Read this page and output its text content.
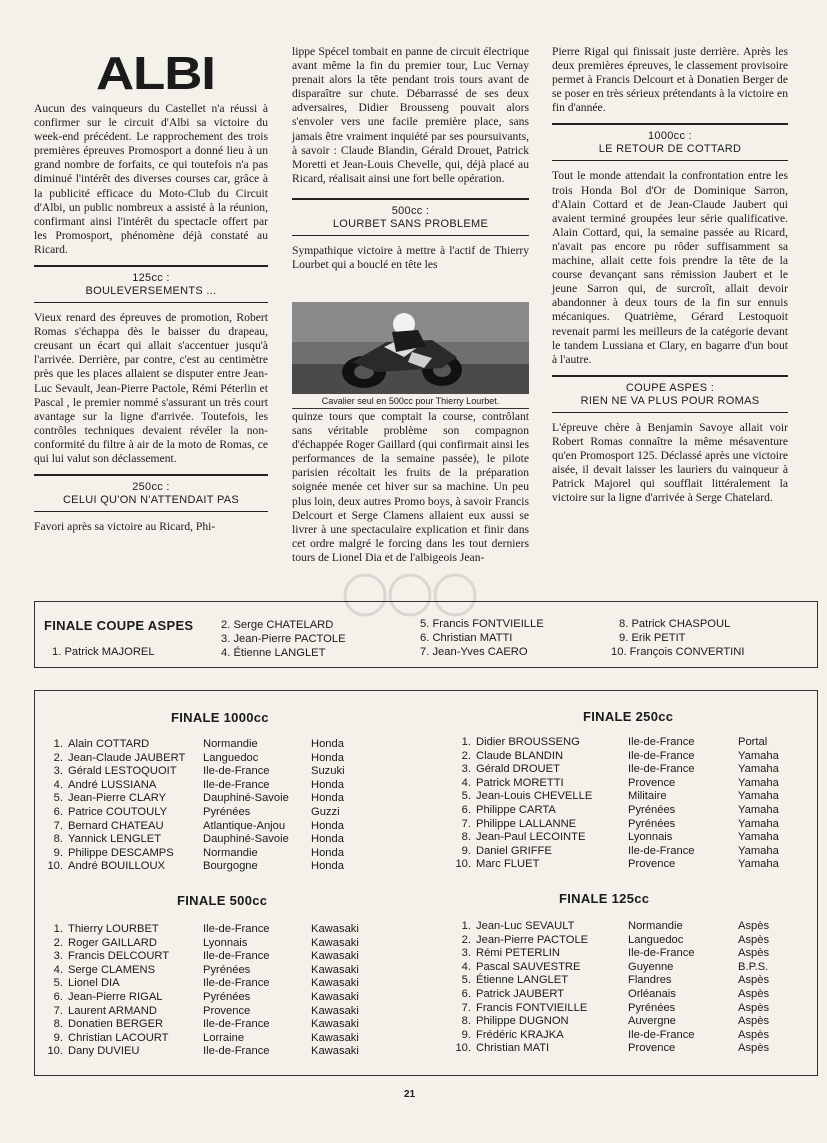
ALBI

Aucun des vainqueurs du Castellet n'a réussi à confirmer sur le circuit d'Albi sa victoire du week-end précédent. Le rapprochement des trois premières épreuves Promosport a donné lieu à un grand nombre de forfaits, ce qui toutefois n'a pas diminué l'intérêt des diverses courses car, grâce à la publicité efficace du Moto-Club du Circuit d'Albi, un public nombreux a assisté à la réunion, confirmant ainsi l'intérêt du spectacle offert par les Promosport, phénomène déjà constaté au Ricard.

125cc :
BOULEVERSEMENTS ...

Vieux renard des épreuves de promotion, Robert Romas s'échappa dès le baisser du drapeau, creusant un écart qui allait s'accentuer jusqu'à l'arrivée. Derrière, par contre, c'est au centimètre près que les places allaient se disputer entre Jean-Luc Sevault, Jean-Pierre Pactole, Rémi Péterlin et Pascal , le premier nommé s'assurant un très court avantage sur la ligne d'arrivée. Toutefois, les contrôles techniques devaient révéler la non-conformité du filtre à air de la moto de Romas, ce qui lui valut son déclassement.

250cc :
CELUI QU'ON N'ATTENDAIT PAS

Favori après sa victoire au Ricard, Phi-

lippe Spécel tombait en panne de circuit électrique avant même la fin du premier tour, Luc Vernay prenait alors la tête pendant trois tours avant de disparaître sur chute. Débarrassé de ses deux adversaires, Didier Brousseng pouvait alors s'envoler vers une facile première place, sans jamais être vraiment inquiété par ses poursuivants, à savoir : Claude Blandin, Gérald Drouet, Patrick Moretti et Jean-Louis Chevelle, qui, déjà placé au Ricard, réalisait ainsi une fort belle opération.

500cc :
LOURBET SANS PROBLEME

Sympathique victoire à mettre à l'actif de Thierry Lourbet qui a bouclé en tête les

Cavalier seul en 500cc pour Thierry Lourbet.

quinze tours que comptait la course, contrôlant sans véritable problème son compagnon d'échappée Roger Gaillard (qui confirmait ainsi les performances de la semaine passée), le pilote parisien récoltait les fruits de la préparation soignée menée cet hiver sur sa machine. Un peu plus loin, deux autres Promo boys, à savoir Francis Delcourt et Serge Clamens allaient eux aussi se livrer à une spectaculaire explication et finir dans cet ordre malgré le forcing dans les tout derniers tours de Lionel Dia et de l'albigeois Jean-

Pierre Rigal qui finissait juste derrière. Après les deux premières épreuves, le classement provisoire permet à Francis Delcourt et à Donatien Berger de se poser en très sérieux prétendants à la victoire en fin d'année.

1000cc :
LE RETOUR DE COTTARD

Tout le monde attendait la confrontation entre les trois Honda Bol d'Or de Dominique Sarron, d'Alain Cottard et de Jean-Claude Jaubert qui avaient terminé groupées leur série qualificative. Alain Cottard, qui, la semaine passée au Ricard, n'avait pas encore pu rôder suffisamment sa machine, allait cette fois prendre la tête de la course devançant sans rémission Jaubert et le jeune Sarron qui, de surcroît, allait devoir abandonner à deux tours de la fin sur ennuis mécaniques. Quatrième, Gérard Lestoquoit revenait parmi les meilleurs de la catégorie devant le tandem Lussiana et Clary, en bagarre d'un bout à l'autre.

COUPE ASPES :
RIEN NE VA PLUS POUR ROMAS

L'épreuve chère à Benjamin Savoye allait voir Robert Romas connaître la même mésaventure qu'en Promosport 125. Déclassé après une victoire aisée, il devait laisser les lauriers du vainqueur à Patrick Majorel qui soufflait littéralement la victoire sur la ligne d'arrivée à Serge Chatelard.

FINALE COUPE ASPES
1. Patrick MAJOREL
2. Serge CHATELARD
3. Jean-Pierre PACTOLE
4. Étienne LANGLET
5. Francis FONTVIEILLE
6. Christian MATTI
7. Jean-Yves CAERO
8. Patrick CHASPOUL
9. Erik PETIT
10. François CONVERTINI
FINALE 1000cc
1.	Alain COTTARD	Normandie	Honda
2.	Jean-Claude JAUBERT	Languedoc	Honda
3.	Gérald LESTOQUOIT	Ile-de-France	Suzuki
4.	André LUSSIANA	Ile-de-France	Honda
5.	Jean-Pierre CLARY	Dauphiné-Savoie	Honda
6.	Patrice COUTOULY	Pyrénées	Guzzi
7.	Bernard CHATEAU	Atlantique-Anjou	Honda
8.	Yannick LENGLET	Dauphiné-Savoie	Honda
9.	Philippe DESCAMPS	Normandie	Honda
10.	André BOUILLOUX	Bourgogne	Honda
FINALE 250cc
1.	Didier BROUSSENG	Ile-de-France	Portal
2.	Claude BLANDIN	Ile-de-France	Yamaha
3.	Gérald DROUET	Ile-de-France	Yamaha
4.	Patrick MORETTI	Provence	Yamaha
5.	Jean-Louis CHEVELLE	Militaire	Yamaha
6.	Philippe CARTA	Pyrénées	Yamaha
7.	Philippe LALLANNE	Pyrénées	Yamaha
8.	Jean-Paul LECOINTE	Lyonnais	Yamaha
9.	Daniel GRIFFE	Ile-de-France	Yamaha
10.	Marc FLUET	Provence	Yamaha
FINALE 500cc
1.	Thierry LOURBET	Ile-de-France	Kawasaki
2.	Roger GAILLARD	Lyonnais	Kawasaki
3.	Francis DELCOURT	Ile-de-France	Kawasaki
4.	Serge CLAMENS	Pyrénées	Kawasaki
5.	Lionel DIA	Ile-de-France	Kawasaki
6.	Jean-Pierre RIGAL	Pyrénées	Kawasaki
7.	Laurent ARMAND	Provence	Kawasaki
8.	Donatien BERGER	Ile-de-France	Kawasaki
9.	Christian LACOURT	Lorraine	Kawasaki
10.	Dany DUVIEU	Ile-de-France	Kawasaki
FINALE 125cc
1.	Jean-Luc SEVAULT	Normandie	Aspès
2.	Jean-Pierre PACTOLE	Languedoc	Aspès
3.	Rémi PETERLIN	Ile-de-France	Aspès
4.	Pascal SAUVESTRE	Guyenne	B.P.S.
5.	Étienne LANGLET	Flandres	Aspès
6.	Patrick JAUBERT	Orléanais	Aspès
7.	Francis FONTVIEILLE	Pyrénées	Aspès
8.	Philippe DUGNON	Auvergne	Aspès
9.	Frédéric KRAJKA	Ile-de-France	Aspès
10.	Christian MATI	Provence	Aspès
21
